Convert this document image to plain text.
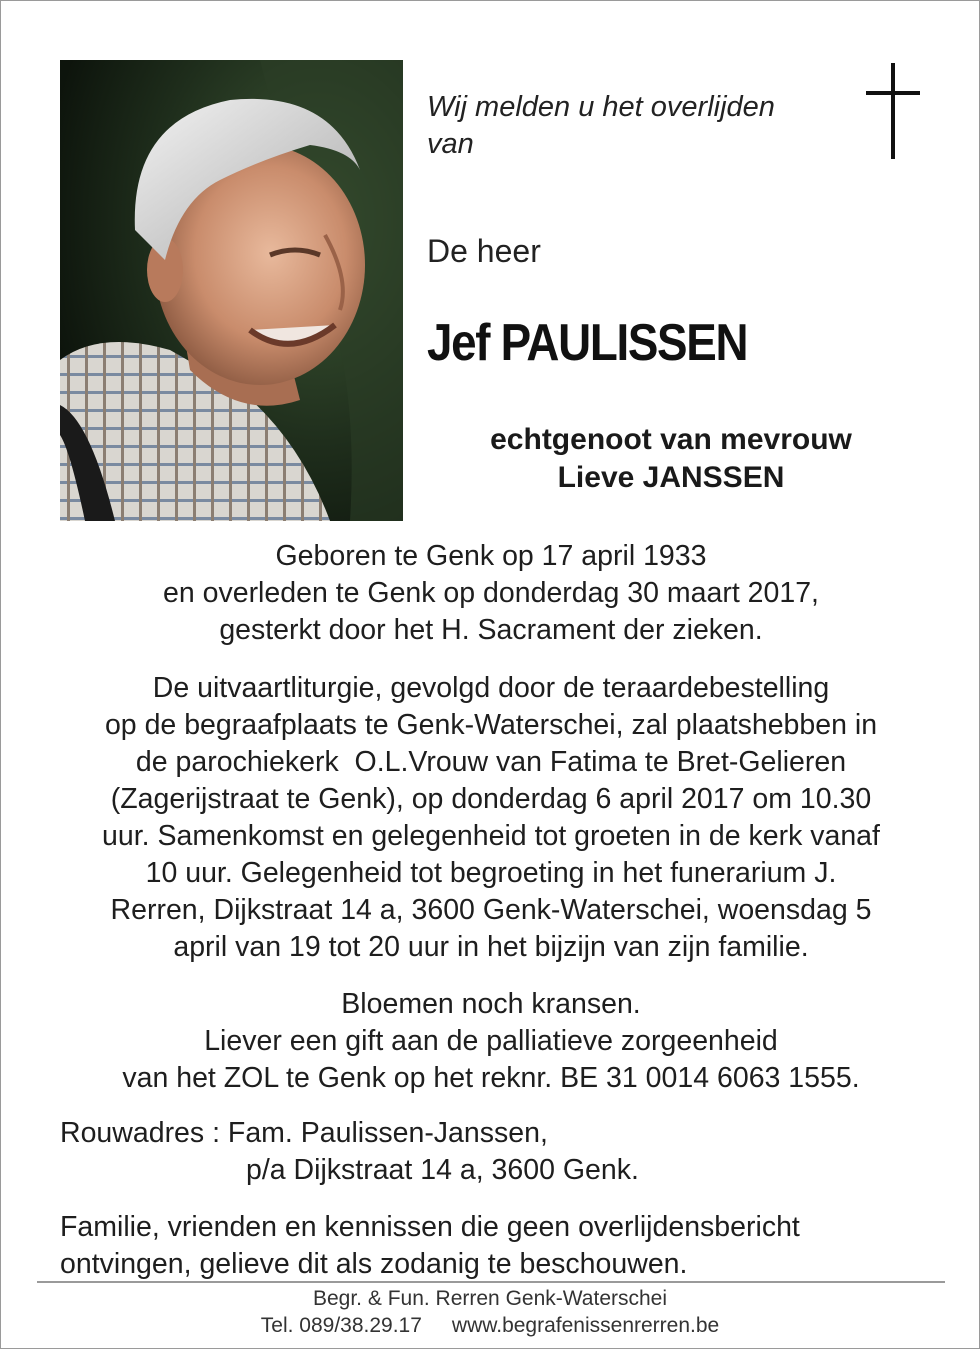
Wij melden u het overlijden
van
De heer
Jef PAULISSEN
echtgenoot van mevrouw
Lieve JANSSEN
Geboren te Genk op 17 april 1933
en overleden te Genk op donderdag 30 maart 2017,
gesterkt door het H. Sacrament der zieken.
De uitvaartliturgie, gevolgd door de teraardebestelling
op de begraafplaats te Genk-Waterschei, zal plaatshebben in
de parochiekerk  O.L.Vrouw van Fatima te Bret-Gelieren
(Zagerijstraat te Genk), op donderdag 6 april 2017 om 10.30
uur. Samenkomst en gelegenheid tot groeten in de kerk vanaf
10 uur. Gelegenheid tot begroeting in het funerarium J.
Rerren, Dijkstraat 14 a, 3600 Genk-Waterschei, woensdag 5
april van 19 tot 20 uur in het bijzijn van zijn familie.
Bloemen noch kransen.
Liever een gift aan de palliatieve zorgeenheid
van het ZOL te Genk op het reknr. BE 31 0014 6063 1555.
Rouwadres : Fam. Paulissen-Janssen,
p/a Dijkstraat 14 a, 3600 Genk.
Familie, vrienden en kennissen die geen overlijdensbericht
ontvingen, gelieve dit als zodanig te beschouwen.
Begr. & Fun. Rerren Genk-Waterschei
Tel. 089/38.29.17 www.begrafenissenrerren.be
